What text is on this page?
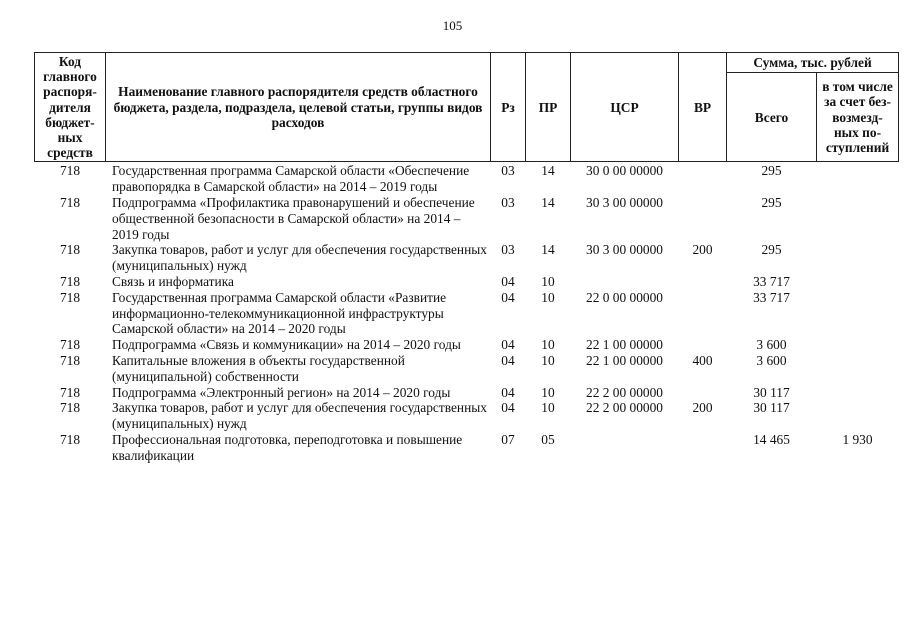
105
Код главного распоря-дителя бюджет-ных средств	Наименование главного распорядителя средств областного бюджета, раздела, подраздела, целевой статьи, группы видов расходов	Рз	ПР	ЦСР	ВР	Сумма, тыс. рублей	
						Всего	в том числе за счет без-возмезд-ных по-ступлений
718	Государственная программа Самарской области «Обеспечение правопорядка в Самарской области» на 2014 – 2019 годы	03	14	30 0 00 00000		295	
718	Подпрограмма «Профилактика правонарушений и обеспечение общественной безопасности в Самарской области» на 2014 – 2019 годы	03	14	30 3 00 00000		295	
718	Закупка товаров, работ и услуг для обеспечения государственных (муниципальных) нужд	03	14	30 3 00 00000	200	295	
718	Связь и информатика	04	10			33 717	
718	Государственная программа Самарской области «Развитие информационно-телекоммуникационной инфраструктуры Самарской области» на 2014 – 2020 годы	04	10	22 0 00 00000		33 717	
718	Подпрограмма «Связь и коммуникации» на 2014 – 2020 годы	04	10	22 1 00 00000		3 600	
718	Капитальные вложения в объекты государственной (муниципальной) собственности	04	10	22 1 00 00000	400	3 600	
718	Подпрограмма «Электронный регион» на 2014 – 2020 годы	04	10	22 2 00 00000		30 117	
718	Закупка товаров, работ и услуг для обеспечения государственных (муниципальных) нужд	04	10	22 2 00 00000	200	30 117	
718	Профессиональная подготовка, переподготовка и повышение квалификации	07	05			14 465	1 930
